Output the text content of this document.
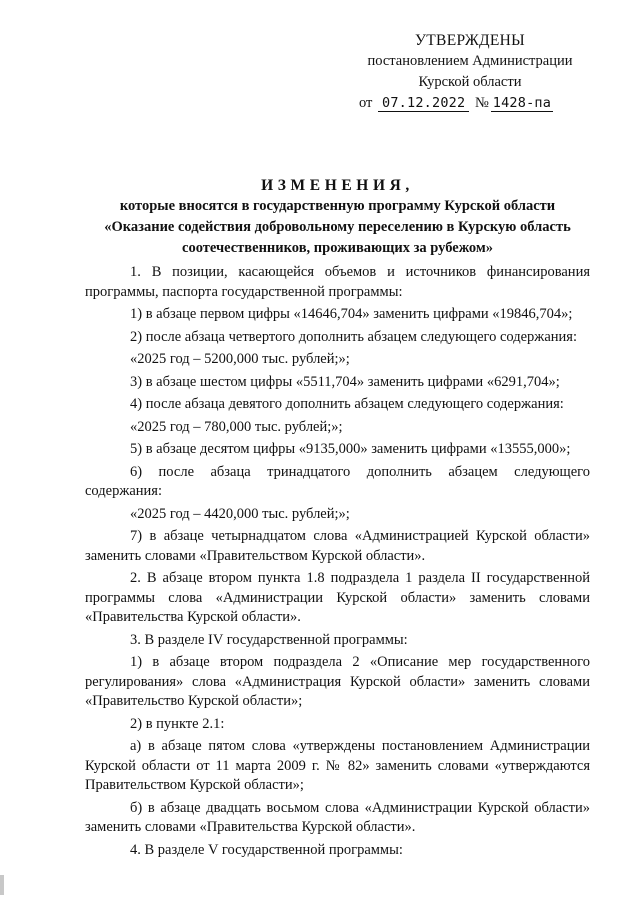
УТВЕРЖДЕНЫ
постановлением Администрации
Курской области
от 07.12.2022 № 1428-па
ИЗМЕНЕНИЯ,
которые вносятся в государственную программу Курской области
«Оказание содействия добровольному переселению в Курскую область
соотечественников, проживающих за рубежом»

1. В позиции, касающейся объемов и источников финансирования программы, паспорта государственной программы:

1) в абзаце первом цифры «14646,704» заменить цифрами «19846,704»;

2) после абзаца четвертого дополнить абзацем следующего содержания:

«2025 год – 5200,000 тыс. рублей;»;

3) в абзаце шестом цифры «5511,704» заменить цифрами «6291,704»;

4) после абзаца девятого дополнить абзацем следующего содержания:

«2025 год – 780,000 тыс. рублей;»;

5) в абзаце десятом цифры «9135,000» заменить цифрами «13555,000»;

6) после абзаца тринадцатого дополнить абзацем следующего содержания:

«2025 год – 4420,000 тыс. рублей;»;

7) в абзаце четырнадцатом слова «Администрацией Курской области» заменить словами «Правительством Курской области».

2. В абзаце втором пункта 1.8 подраздела 1 раздела II государственной программы слова «Администрации Курской области» заменить словами «Правительства Курской области».

3. В разделе IV государственной программы:

1) в абзаце втором подраздела 2 «Описание мер государственного регулирования» слова «Администрация Курской области» заменить словами «Правительство Курской области»;

2) в пункте 2.1:

а) в абзаце пятом слова «утверждены постановлением Администрации Курской области от 11 марта 2009 г. № 82» заменить словами «утверждаются Правительством Курской области»;

б) в абзаце двадцать восьмом слова «Администрации Курской области» заменить словами «Правительства Курской области».

4. В разделе V государственной программы:
